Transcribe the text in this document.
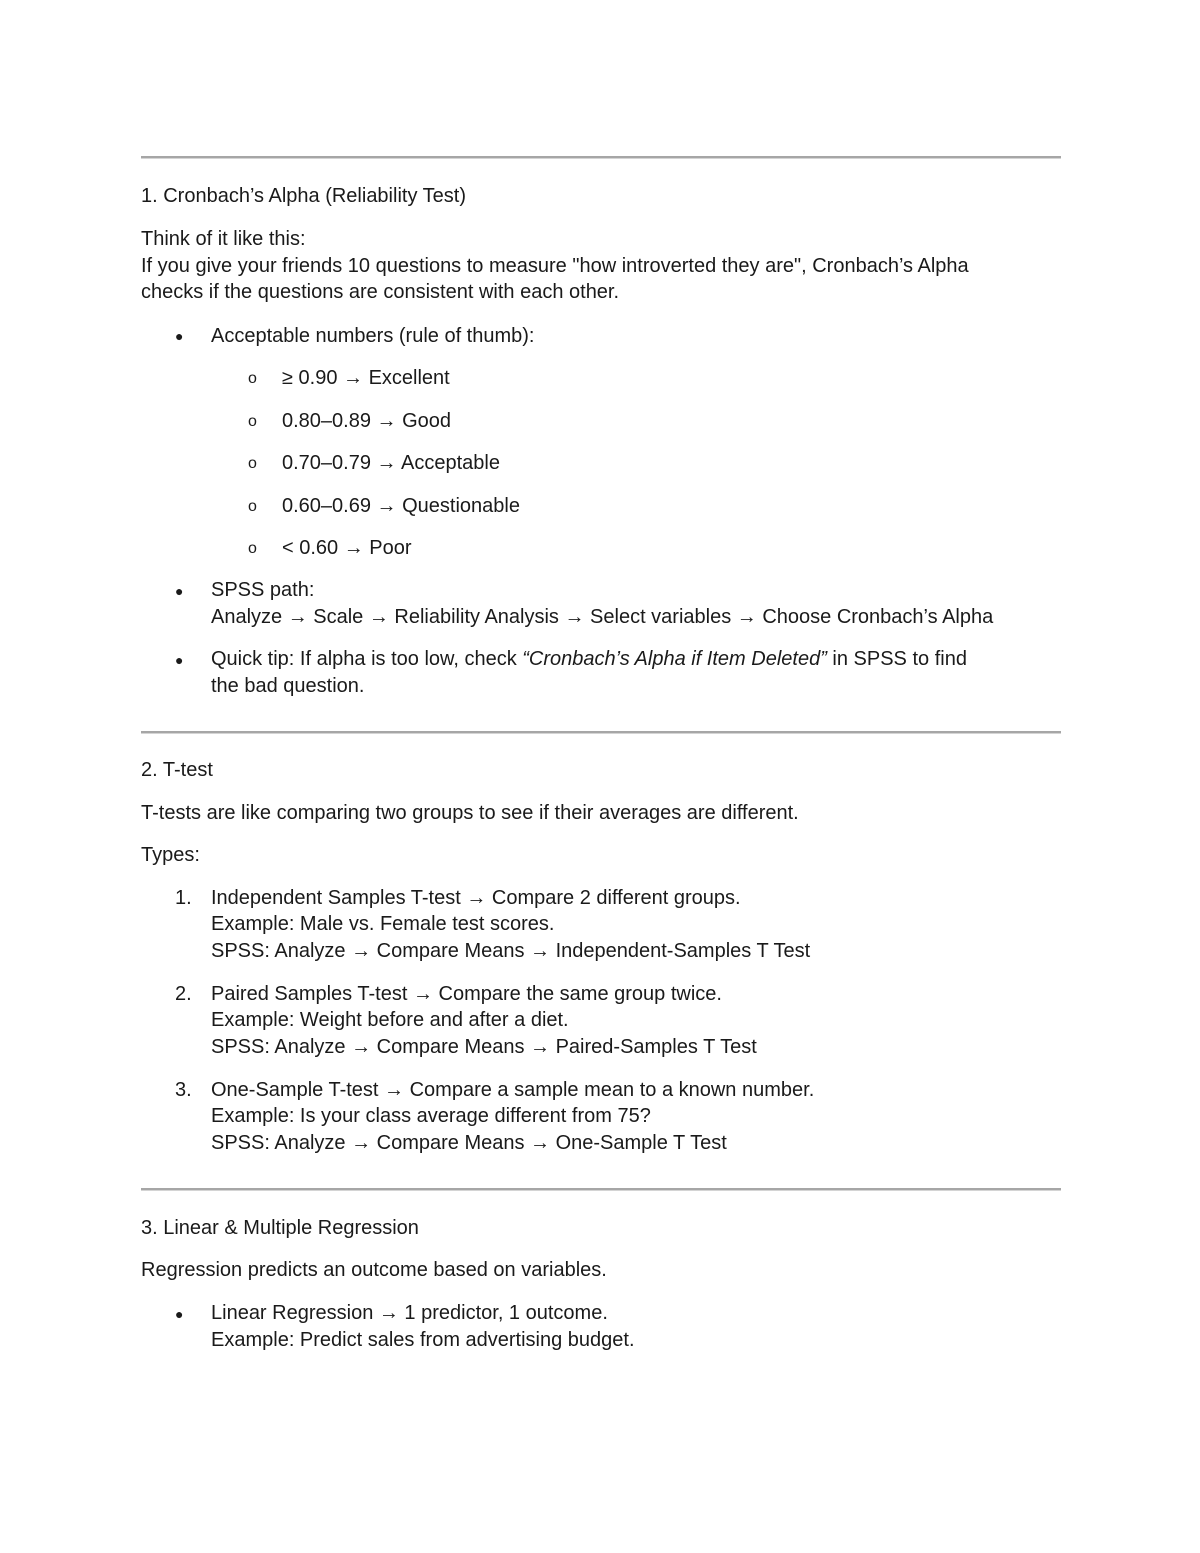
1. Cronbach’s Alpha (Reliability Test)
Think of it like this:
If you give your friends 10 questions to measure "how introverted they are", Cronbach’s Alpha
checks if the questions are consistent with each other.
● Acceptable numbers (rule of thumb):
o ≥ 0.90 → Excellent
o 0.80–0.89 → Good
o 0.70–0.79 → Acceptable
o 0.60–0.69 → Questionable
o < 0.60 → Poor
● SPSS path:
Analyze → Scale → Reliability Analysis → Select variables → Choose Cronbach’s Alpha
● Quick tip: If alpha is too low, check “Cronbach’s Alpha if Item Deleted” in SPSS to find
the bad question.
2. T-test
T-tests are like comparing two groups to see if their averages are different.
Types:
1. Independent Samples T-test → Compare 2 different groups.
Example: Male vs. Female test scores.
SPSS: Analyze → Compare Means → Independent-Samples T Test
2. Paired Samples T-test → Compare the same group twice.
Example: Weight before and after a diet.
SPSS: Analyze → Compare Means → Paired-Samples T Test
3. One-Sample T-test → Compare a sample mean to a known number.
Example: Is your class average different from 75?
SPSS: Analyze → Compare Means → One-Sample T Test
3. Linear & Multiple Regression
Regression predicts an outcome based on variables.
● Linear Regression → 1 predictor, 1 outcome.
Example: Predict sales from advertising budget.
